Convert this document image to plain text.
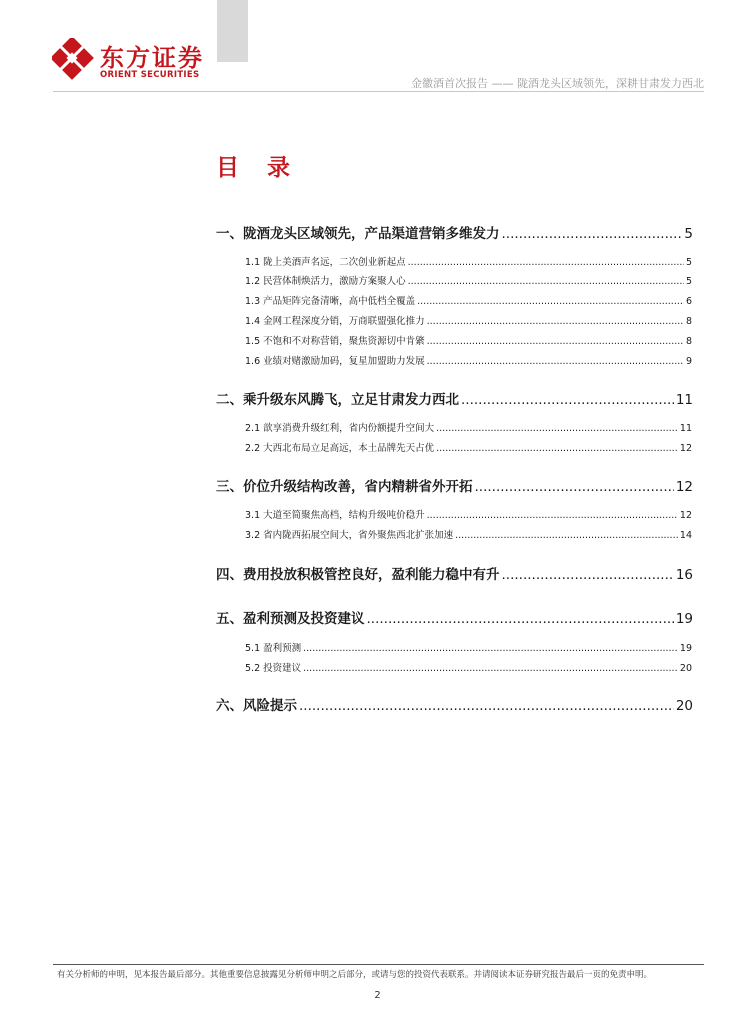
东方证券
ORIENT SECURITIES
金徽酒首次报告 —— 陇酒龙头区域领先，深耕甘肃发力西北
目 录
一、陇酒龙头区域领先，产品渠道营销多维发力 .....	5
1.1 陇上美酒声名远，二次创业新起点 .....	5
1.2 民营体制焕活力，激励方案聚人心 .....	5
1.3 产品矩阵完备清晰，高中低档全覆盖 .....	6
1.4 金网工程深度分销，万商联盟强化推力 .....	8
1.5 不饱和不对称营销，聚焦资源切中肯綮 .....	8
1.6 业绩对赌激励加码，复星加盟助力发展 .....	9
二、乘升级东风腾飞，立足甘肃发力西北 .....	11
2.1 歆享消费升级红利，省内份额提升空间大 .....	11
2.2 大西北布局立足高远，本土品牌先天占优 .....	12
三、价位升级结构改善，省内精耕省外开拓 .....	12
3.1 大道至简聚焦高档，结构升级吨价稳升 .....	12
3.2 省内陇西拓展空间大，省外聚焦西北扩张加速 .....	14
四、费用投放积极管控良好，盈利能力稳中有升 .....	16
五、盈利预测及投资建议 .....	19
5.1 盈利预测 .....	19
5.2 投资建议 .....	20
六、风险提示 .....	20
有关分析师的申明，见本报告最后部分。其他重要信息披露见分析师申明之后部分，或请与您的投资代表联系。并请阅读本证券研究报告最后一页的免责申明。
2
